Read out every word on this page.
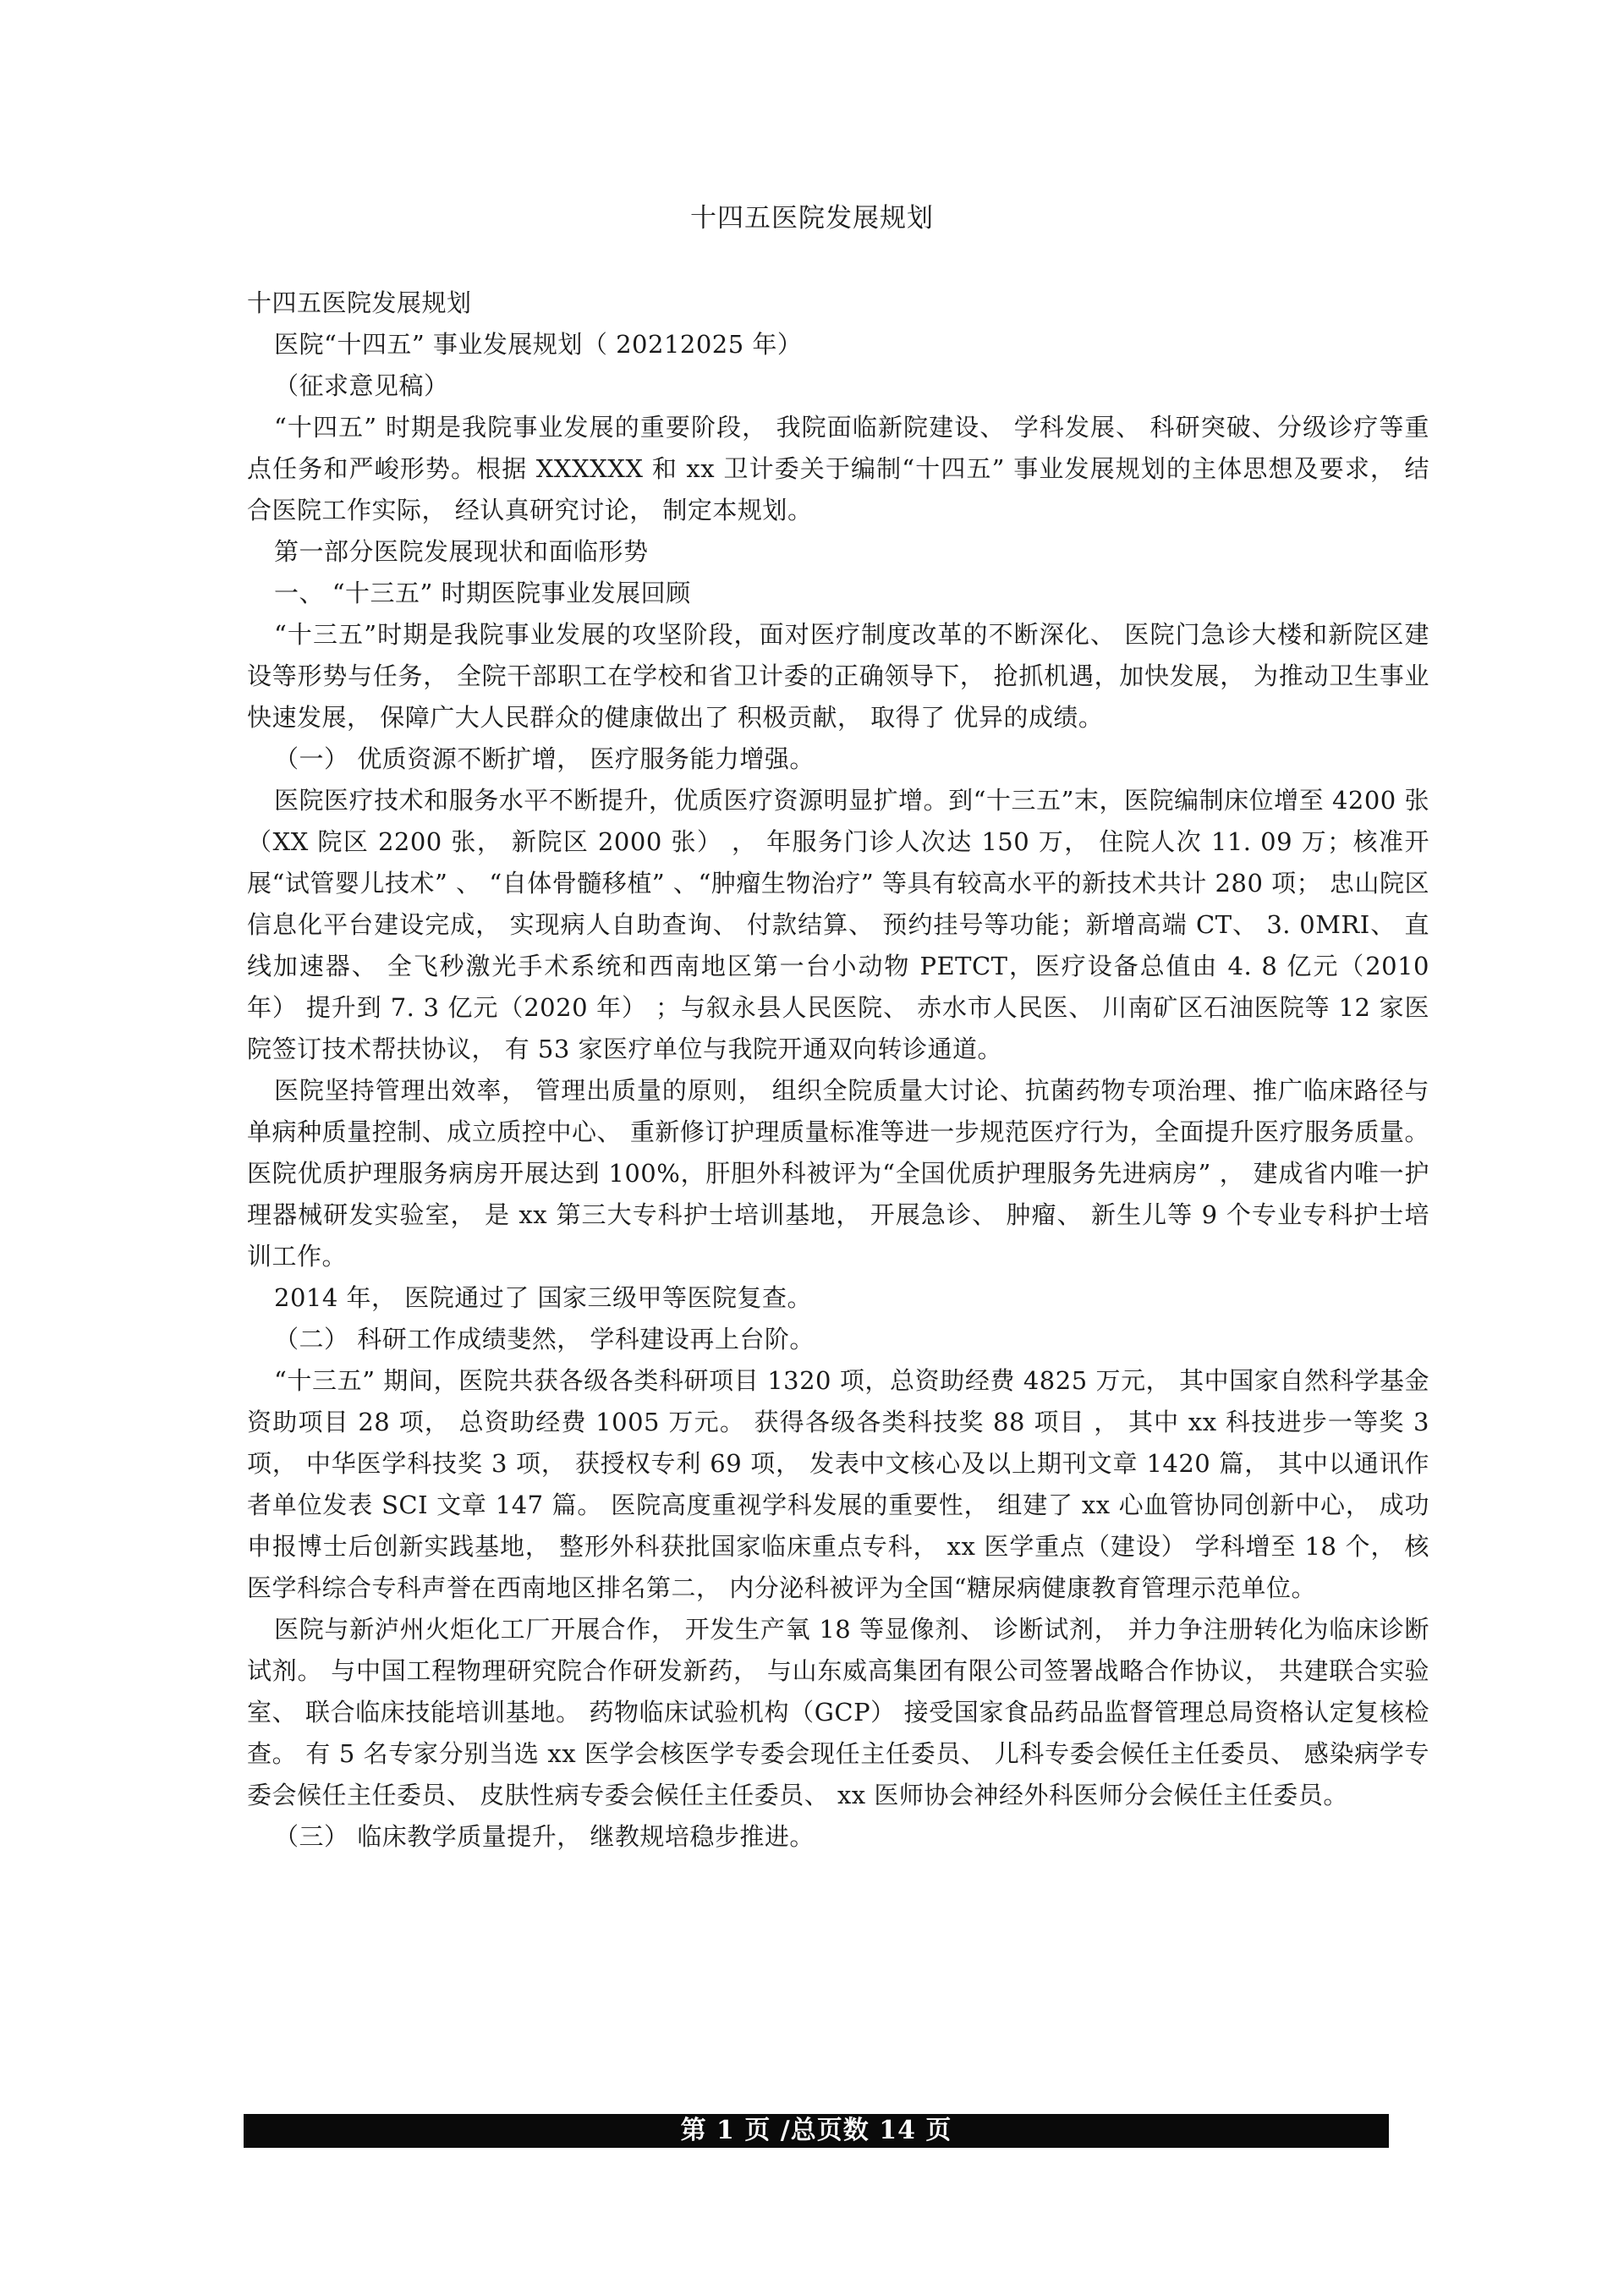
十四五医院发展规划

十四五医院发展规划

医院“十四五” 事业发展规划（ 20212025 年）

（征求意见稿）

“十四五” 时期是我院事业发展的重要阶段， 我院面临新院建设、 学科发展、 科研突破、分级诊疗等重点任务和严峻形势。根据 XXXXXX 和 xx 卫计委关于编制“十四五” 事业发展规划的主体思想及要求， 结合医院工作实际， 经认真研究讨论， 制定本规划。

第一部分医院发展现状和面临形势

一、 “十三五” 时期医院事业发展回顾

“十三五”时期是我院事业发展的攻坚阶段，面对医疗制度改革的不断深化、 医院门急诊大楼和新院区建设等形势与任务， 全院干部职工在学校和省卫计委的正确领导下， 抢抓机遇，加快发展， 为推动卫生事业快速发展， 保障广大人民群众的健康做出了 积极贡献， 取得了 优异的成绩。

（一） 优质资源不断扩增， 医疗服务能力增强。

医院医疗技术和服务水平不断提升，优质医疗资源明显扩增。到“十三五”末，医院编制床位增至 4200 张（XX 院区 2200 张， 新院区 2000 张） ， 年服务门诊人次达 150 万， 住院人次 11. 09 万；核准开展“试管婴儿技术” 、 “自体骨髓移植” 、“肿瘤生物治疗” 等具有较高水平的新技术共计 280 项； 忠山院区信息化平台建设完成， 实现病人自助查询、 付款结算、 预约挂号等功能；新增高端 CT、 3. 0MRI、 直线加速器、 全飞秒激光手术系统和西南地区第一台小动物 PETCT，医疗设备总值由 4. 8 亿元（2010 年） 提升到 7. 3 亿元（2020 年） ；与叙永县人民医院、 赤水市人民医、 川南矿区石油医院等 12 家医院签订技术帮扶协议， 有 53 家医疗单位与我院开通双向转诊通道。

医院坚持管理出效率， 管理出质量的原则， 组织全院质量大讨论、抗菌药物专项治理、推广临床路径与单病种质量控制、成立质控中心、 重新修订护理质量标准等进一步规范医疗行为，全面提升医疗服务质量。医院优质护理服务病房开展达到 100%，肝胆外科被评为“全国优质护理服务先进病房” ， 建成省内唯一护理器械研发实验室， 是 xx 第三大专科护士培训基地， 开展急诊、 肿瘤、 新生儿等 9 个专业专科护士培训工作。

2014 年， 医院通过了 国家三级甲等医院复查。

（二） 科研工作成绩斐然， 学科建设再上台阶。

“十三五” 期间，医院共获各级各类科研项目 1320 项，总资助经费 4825 万元， 其中国家自然科学基金资助项目 28 项， 总资助经费 1005 万元。 获得各级各类科技奖 88 项目 ， 其中 xx 科技进步一等奖 3 项， 中华医学科技奖 3 项， 获授权专利 69 项， 发表中文核心及以上期刊文章 1420 篇， 其中以通讯作者单位发表 SCI 文章 147 篇。 医院高度重视学科发展的重要性， 组建了 xx 心血管协同创新中心， 成功申报博士后创新实践基地， 整形外科获批国家临床重点专科， xx 医学重点（建设） 学科增至 18 个， 核医学科综合专科声誉在西南地区排名第二， 内分泌科被评为全国“糖尿病健康教育管理示范单位。

医院与新泸州火炬化工厂开展合作， 开发生产氧 18 等显像剂、 诊断试剂， 并力争注册转化为临床诊断试剂。 与中国工程物理研究院合作研发新药， 与山东威高集团有限公司签署战略合作协议， 共建联合实验室、 联合临床技能培训基地。 药物临床试验机构（GCP） 接受国家食品药品监督管理总局资格认定复核检查。 有 5 名专家分别当选 xx 医学会核医学专委会现任主任委员、 儿科专委会候任主任委员、 感染病学专委会候任主任委员、 皮肤性病专委会候任主任委员、 xx 医师协会神经外科医师分会候任主任委员。

（三） 临床教学质量提升， 继教规培稳步推进。

第 1 页 /总页数 14 页
